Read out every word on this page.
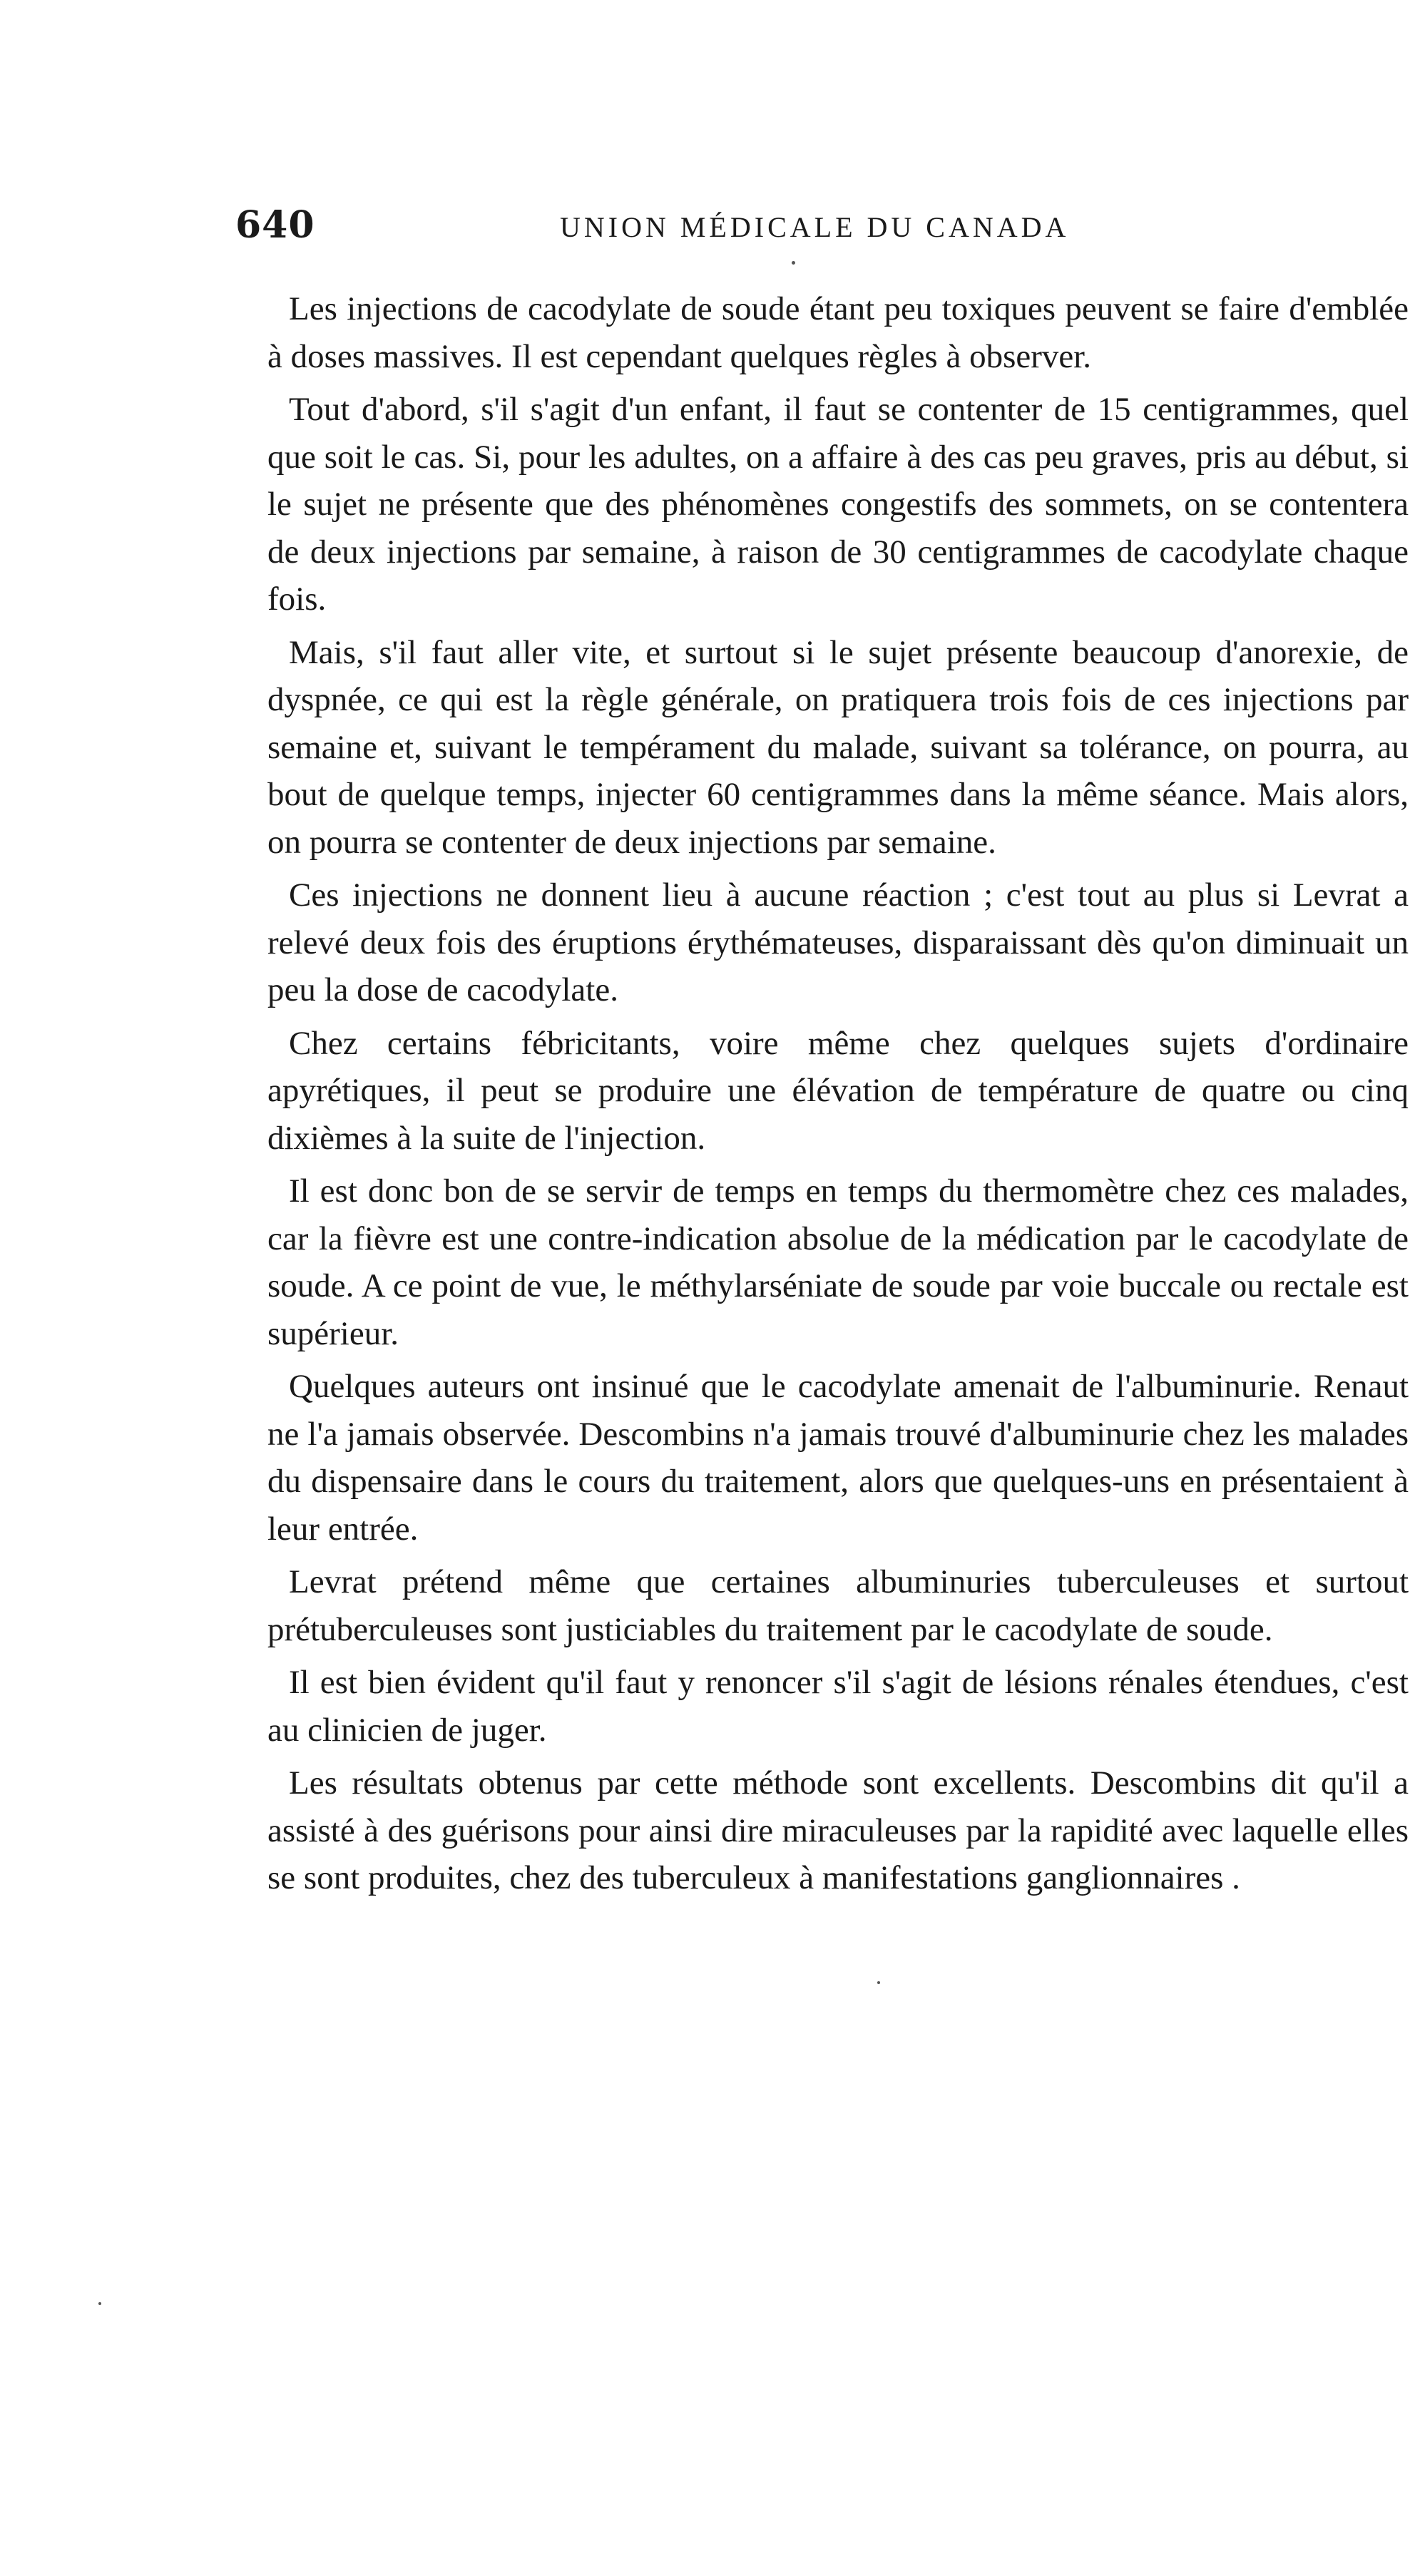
640	UNION MÉDICALE DU CANADA

Les injections de cacodylate de soude étant peu toxiques peuvent se faire d'emblée à doses massives. Il est cependant quelques règles à observer.

Tout d'abord, s'il s'agit d'un enfant, il faut se contenter de 15 centigrammes, quel que soit le cas. Si, pour les adultes, on a affaire à des cas peu graves, pris au début, si le sujet ne présente que des phénomènes congestifs des sommets, on se contentera de deux injections par semaine, à raison de 30 centigrammes de cacodylate chaque fois.

Mais, s'il faut aller vite, et surtout si le sujet présente beaucoup d'anorexie, de dyspnée, ce qui est la règle générale, on pratiquera trois fois de ces injections par semaine et, suivant le tempérament du malade, suivant sa tolérance, on pourra, au bout de quelque temps, injecter 60 centigrammes dans la même séance. Mais alors, on pourra se contenter de deux injections par semaine.

Ces injections ne donnent lieu à aucune réaction ; c'est tout au plus si Levrat a relevé deux fois des éruptions érythémateuses, disparaissant dès qu'on diminuait un peu la dose de cacodylate.

Chez certains fébricitants, voire même chez quelques sujets d'ordinaire apyrétiques, il peut se produire une élévation de température de quatre ou cinq dixièmes à la suite de l'injection.

Il est donc bon de se servir de temps en temps du thermomètre chez ces malades, car la fièvre est une contre-indication absolue de la médication par le cacodylate de soude. A ce point de vue, le méthylarséniate de soude par voie buccale ou rectale est supérieur.

Quelques auteurs ont insinué que le cacodylate amenait de l'albuminurie. Renaut ne l'a jamais observée. Descombins n'a jamais trouvé d'albuminurie chez les malades du dispensaire dans le cours du traitement, alors que quelques-uns en présentaient à leur entrée.

Levrat prétend même que certaines albuminuries tuberculeuses et surtout prétuberculeuses sont justiciables du traitement par le cacodylate de soude.

Il est bien évident qu'il faut y renoncer s'il s'agit de lésions rénales étendues, c'est au clinicien de juger.

Les résultats obtenus par cette méthode sont excellents. Descombins dit qu'il a assisté à des guérisons pour ainsi dire miraculeuses par la rapidité avec laquelle elles se sont produites, chez des tuberculeux à manifestations ganglionnaires .
